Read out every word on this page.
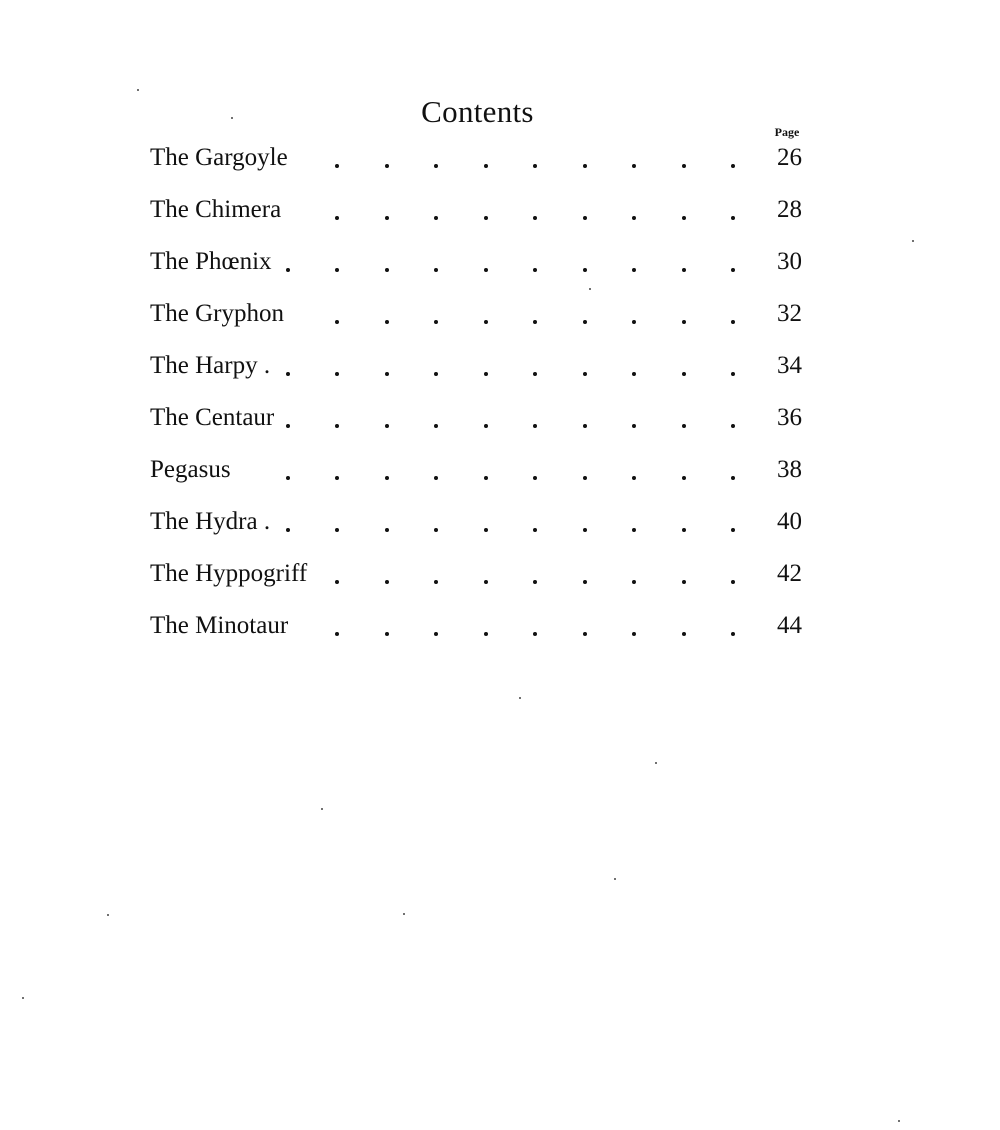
Contents
Page
The Gargoyle	26
The Chimera	28
The Phœnix	30
The Gryphon	32
The Harpy .	34
The Centaur	36
Pegasus	38
The Hydra .	40
The Hyppogriff	42
The Minotaur	44
